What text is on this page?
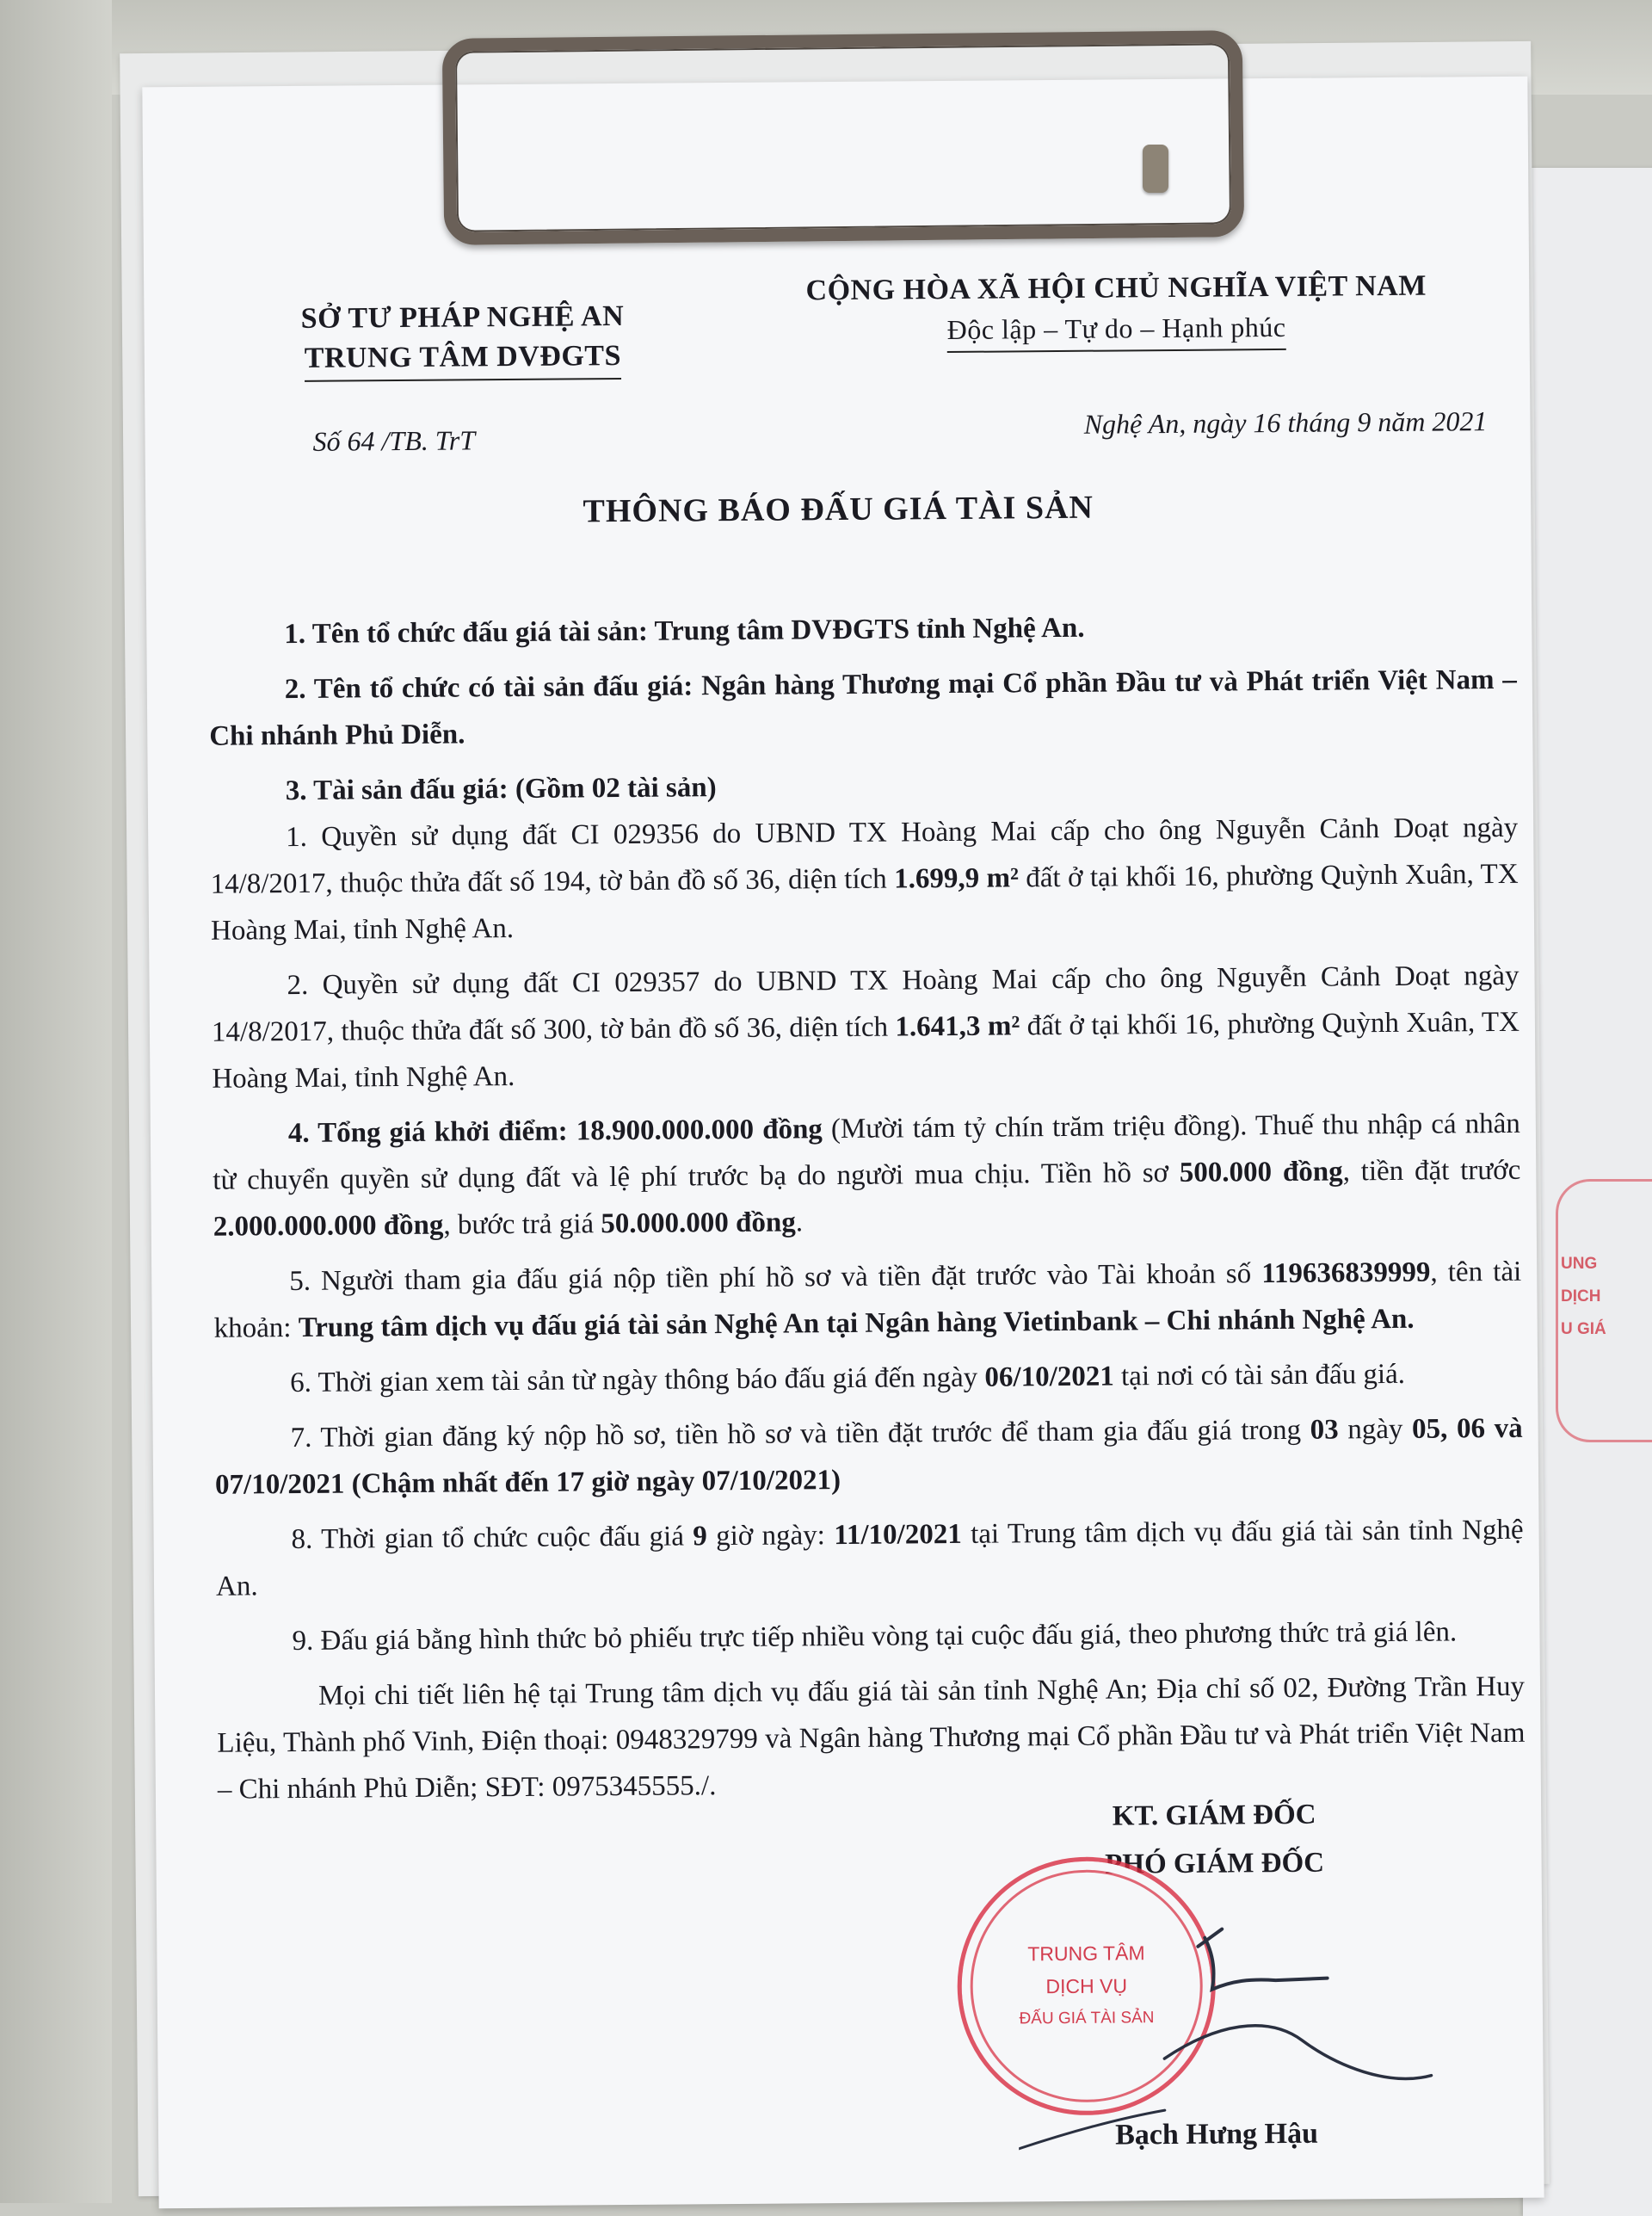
UNG
DỊCH
U GIÁ
SỞ TƯ PHÁP NGHỆ AN
TRUNG TÂM DVĐGTS
CỘNG HÒA XÃ HỘI CHỦ NGHĨA VIỆT NAM
Độc lập – Tự do – Hạnh phúc
Số 64 /TB. TrT
Nghệ An, ngày 16 tháng 9 năm 2021
THÔNG BÁO ĐẤU GIÁ TÀI SẢN

1. Tên tổ chức đấu giá tài sản: Trung tâm DVĐGTS tỉnh Nghệ An.

2. Tên tổ chức có tài sản đấu giá: Ngân hàng Thương mại Cổ phần Đầu tư và Phát triển Việt Nam – Chi nhánh Phủ Diễn.

3. Tài sản đấu giá: (Gồm 02 tài sản)

1. Quyền sử dụng đất CI 029356 do UBND TX Hoàng Mai cấp cho ông Nguyễn Cảnh Doạt ngày 14/8/2017, thuộc thửa đất số 194, tờ bản đồ số 36, diện tích 1.699,9 m² đất ở tại khối 16, phường Quỳnh Xuân, TX Hoàng Mai, tỉnh Nghệ An.

2. Quyền sử dụng đất CI 029357 do UBND TX Hoàng Mai cấp cho ông Nguyễn Cảnh Doạt ngày 14/8/2017, thuộc thửa đất số 300, tờ bản đồ số 36, diện tích 1.641,3 m² đất ở tại khối 16, phường Quỳnh Xuân, TX Hoàng Mai, tỉnh Nghệ An.

4. Tổng giá khởi điểm: 18.900.000.000 đồng (Mười tám tỷ chín trăm triệu đồng). Thuế thu nhập cá nhân từ chuyển quyền sử dụng đất và lệ phí trước bạ do người mua chịu. Tiền hồ sơ 500.000 đồng, tiền đặt trước 2.000.000.000 đồng, bước trả giá 50.000.000 đồng.

5. Người tham gia đấu giá nộp tiền phí hồ sơ và tiền đặt trước vào Tài khoản số 119636839999, tên tài khoản: Trung tâm dịch vụ đấu giá tài sản Nghệ An tại Ngân hàng Vietinbank – Chi nhánh Nghệ An.

6. Thời gian xem tài sản từ ngày thông báo đấu giá đến ngày 06/10/2021 tại nơi có tài sản đấu giá.

7. Thời gian đăng ký nộp hồ sơ, tiền hồ sơ và tiền đặt trước để tham gia đấu giá trong 03 ngày 05, 06 và 07/10/2021 (Chậm nhất đến 17 giờ ngày 07/10/2021)

8. Thời gian tổ chức cuộc đấu giá 9 giờ ngày: 11/10/2021 tại Trung tâm dịch vụ đấu giá tài sản tỉnh Nghệ An.

9. Đấu giá bằng hình thức bỏ phiếu trực tiếp nhiều vòng tại cuộc đấu giá, theo phương thức trả giá lên.

Mọi chi tiết liên hệ tại Trung tâm dịch vụ đấu giá tài sản tỉnh Nghệ An; Địa chỉ số 02, Đường Trần Huy Liệu, Thành phố Vinh, Điện thoại: 0948329799 và Ngân hàng Thương mại Cổ phần Đầu tư và Phát triển Việt Nam – Chi nhánh Phủ Diễn; SĐT: 0975345555./.

KT. GIÁM ĐỐC
PHÓ GIÁM ĐỐC
TRUNG TÂM
DỊCH VỤ
ĐẤU GIÁ TÀI SẢN
Bạch Hưng Hậu
